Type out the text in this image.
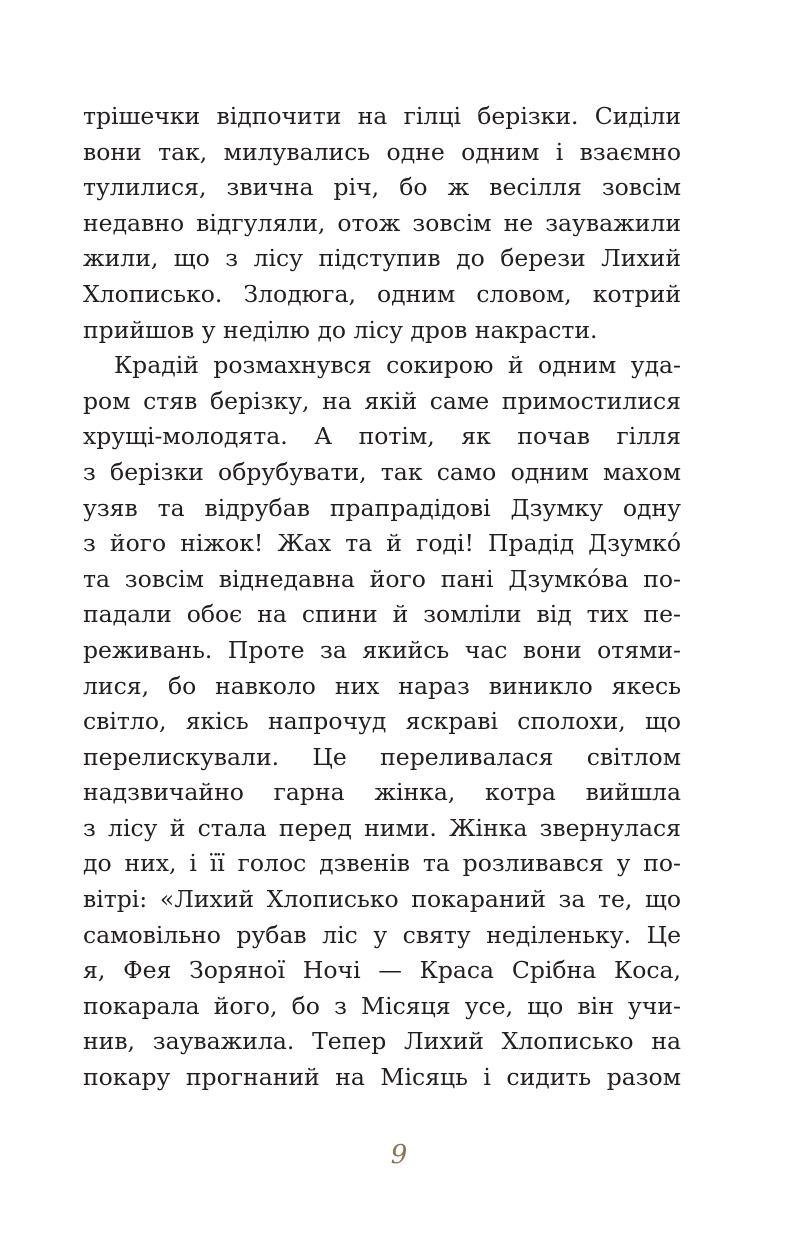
трішечки відпочити на гілці берізки. Сиділи
вони так, милувались одне одним і взаємно
тулилися, звична річ, бо ж весілля зовсім
недавно відгуляли, отож зовсім не зауважили
жили, що з лісу підступив до берези Лихий
Хлописько. Злодюга, одним словом, котрий
прийшов у неділю до лісу дров накрасти.
Крадій розмахнувся сокирою й одним уда-
ром стяв берізку, на якій саме примостилися
хрущі-молодята. А потім, як почав гілля
з берізки обрубувати, так само одним махом
узяв та відрубав прапрадідові Дзумку одну
з його ніжок! Жах та й годі! Прадід Дзумко́
та зовсім віднедавна його пані Дзумко́ва по-
падали обоє на спини й зомліли від тих пе-
реживань. Проте за якийсь час вони отями-
лися, бо навколо них нараз виникло якесь
світло, якісь напрочуд яскраві сполохи, що
перелискували. Це переливалася світлом
надзвичайно гарна жінка, котра вийшла
з лісу й стала перед ними. Жінка звернулася
до них, і її голос дзвенів та розливався у по-
вітрі: «Лихий Хлописько покараний за те, що
самовільно рубав ліс у святу неділеньку. Це
я, Фея Зоряної Ночі — Краса Срібна Коса,
покарала його, бо з Місяця усе, що він учи-
нив, зауважила. Тепер Лихий Хлописько на
покару прогнаний на Місяць і сидить разом
9
